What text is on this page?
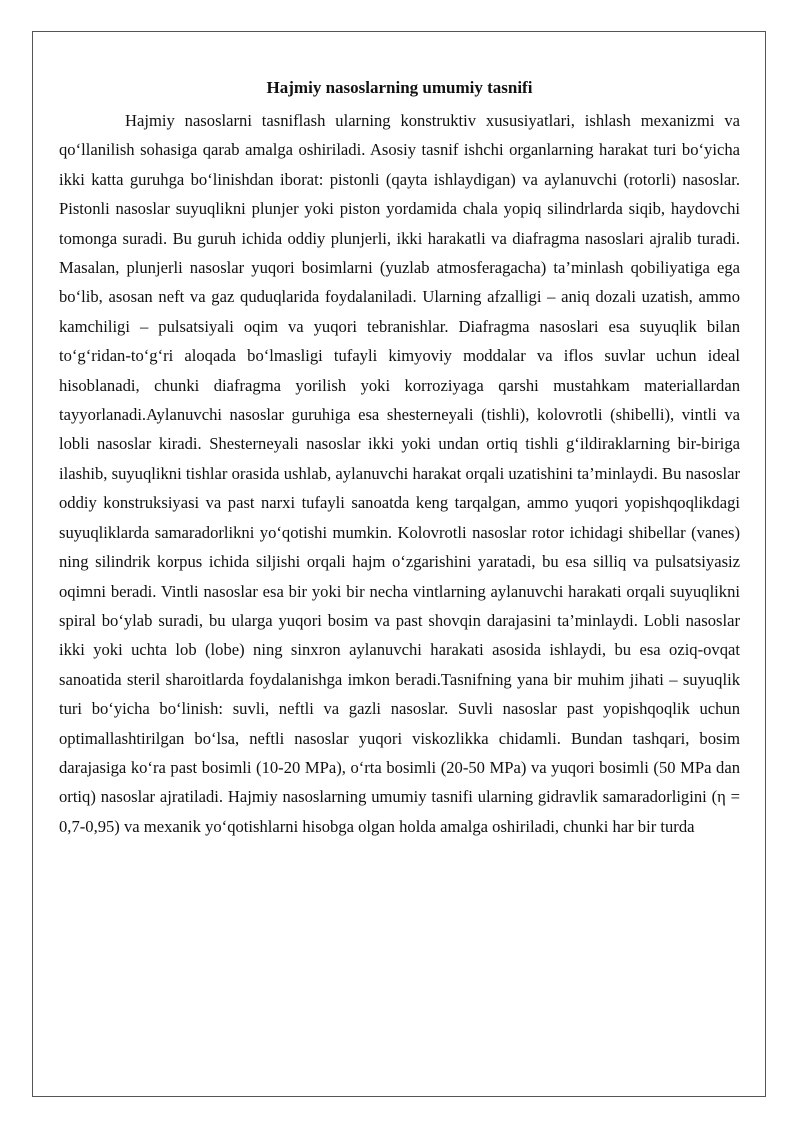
Hajmiy nasoslarning umumiy tasnifi

Hajmiy nasoslarni tasniflash ularning konstruktiv xususiyatlari, ishlash mexanizmi va qo‘llanilish sohasiga qarab amalga oshiriladi. Asosiy tasnif ishchi organlarning harakat turi bo‘yicha ikki katta guruhga bo‘linishdan iborat: pistonli (qayta ishlaydigan) va aylanuvchi (rotorli) nasoslar. Pistonli nasoslar suyuqlikni plunjer yoki piston yordamida chala yopiq silindrlarda siqib, haydovchi tomonga suradi. Bu guruh ichida oddiy plunjerli, ikki harakatli va diafragma nasoslari ajralib turadi. Masalan, plunjerli nasoslar yuqori bosimlarni (yuzlab atmosferagacha) ta’minlash qobiliyatiga ega bo‘lib, asosan neft va gaz quduqlarida foydalaniladi. Ularning afzalligi – aniq dozali uzatish, ammo kamchiligi – pulsatsiyali oqim va yuqori tebranishlar. Diafragma nasoslari esa suyuqlik bilan to‘g‘ridan-to‘g‘ri aloqada bo‘lmasligi tufayli kimyoviy moddalar va iflos suvlar uchun ideal hisoblanadi, chunki diafragma yorilish yoki korroziyaga qarshi mustahkam materiallardan tayyorlanadi.Aylanuvchi nasoslar guruhiga esa shesterneyali (tishli), kolovrotli (shibelli), vintli va lobli nasoslar kiradi. Shesterneyali nasoslar ikki yoki undan ortiq tishli g‘ildiraklarning bir-biriga ilashib, suyuqlikni tishlar orasida ushlab, aylanuvchi harakat orqali uzatishini ta’minlaydi. Bu nasoslar oddiy konstruksiyasi va past narxi tufayli sanoatda keng tarqalgan, ammo yuqori yopishqoqlikdagi suyuqliklarda samaradorlikni yo‘qotishi mumkin. Kolovrotli nasoslar rotor ichidagi shibellar (vanes) ning silindrik korpus ichida siljishi orqali hajm o‘zgarishini yaratadi, bu esa silliq va pulsatsiyasiz oqimni beradi. Vintli nasoslar esa bir yoki bir necha vintlarning aylanuvchi harakati orqali suyuqlikni spiral bo‘ylab suradi, bu ularga yuqori bosim va past shovqin darajasini ta’minlaydi. Lobli nasoslar ikki yoki uchta lob (lobe) ning sinxron aylanuvchi harakati asosida ishlaydi, bu esa oziq-ovqat sanoatida steril sharoitlarda foydalanishga imkon beradi.Tasnifning yana bir muhim jihati – suyuqlik turi bo‘yicha bo‘linish: suvli, neftli va gazli nasoslar. Suvli nasoslar past yopishqoqlik uchun optimallashtirilgan bo‘lsa, neftli nasoslar yuqori viskozlikka chidamli. Bundan tashqari, bosim darajasiga ko‘ra past bosimli (10-20 MPa), o‘rta bosimli (20-50 MPa) va yuqori bosimli (50 MPa dan ortiq) nasoslar ajratiladi. Hajmiy nasoslarning umumiy tasnifi ularning gidravlik samaradorligini (η = 0,7-0,95) va mexanik yo‘qotishlarni hisobga olgan holda amalga oshiriladi, chunki har bir turda
